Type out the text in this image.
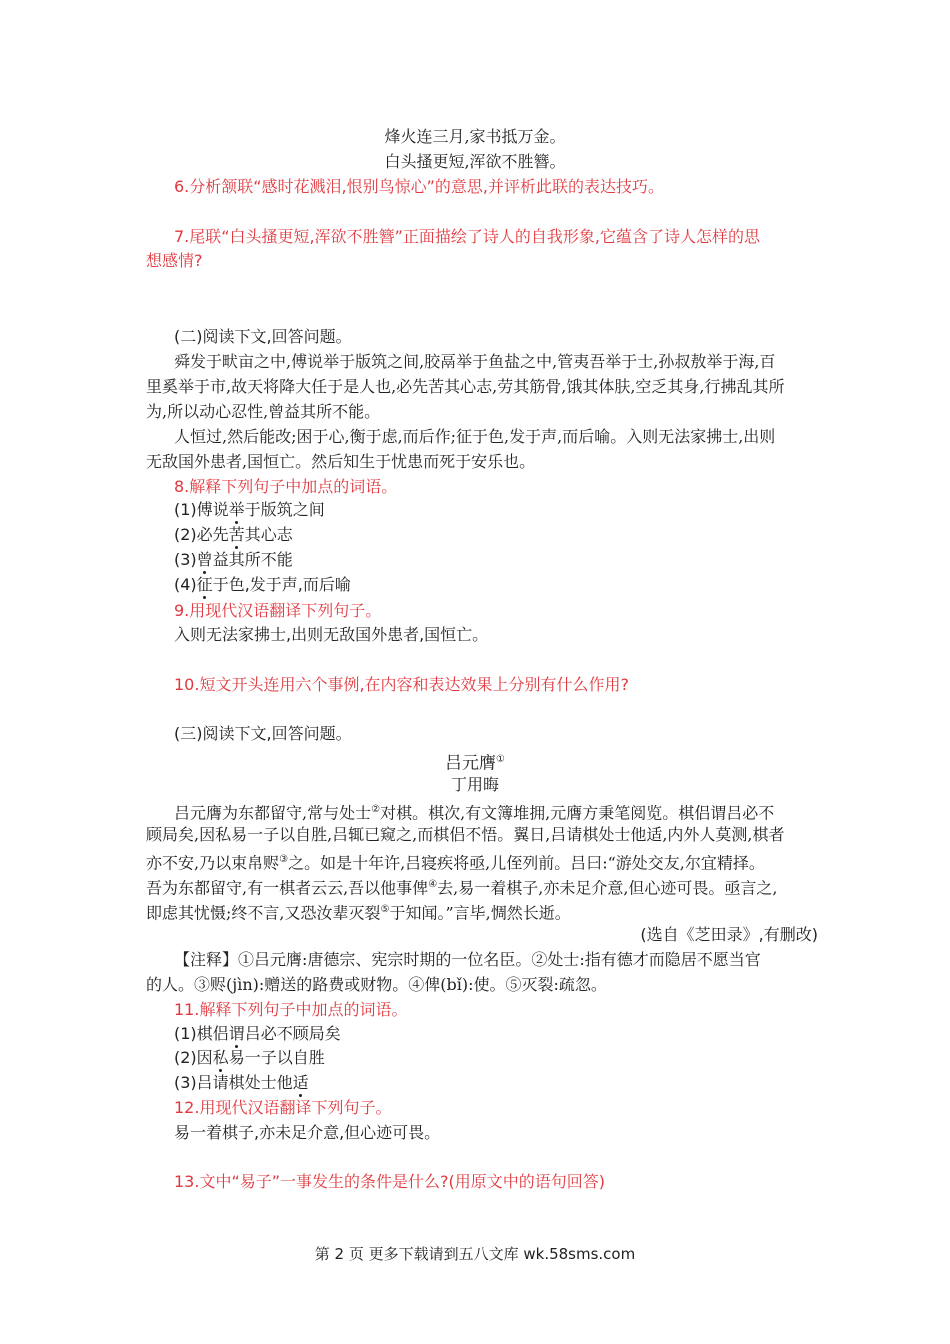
烽火连三月,家书抵万金。
白头搔更短,浑欲不胜簪。
6.分析颔联“感时花溅泪,恨别鸟惊心”的意思,并评析此联的表达技巧。
7.尾联“白头搔更短,浑欲不胜簪”正面描绘了诗人的自我形象,它蕴含了诗人怎样的思
想感情?
(二)阅读下文,回答问题。
舜发于畎亩之中,傅说举于版筑之间,胶鬲举于鱼盐之中,管夷吾举于士,孙叔敖举于海,百
里奚举于市,故天将降大任于是人也,必先苦其心志,劳其筋骨,饿其体肤,空乏其身,行拂乱其所
为,所以动心忍性,曾益其所不能。
人恒过,然后能改;困于心,衡于虑,而后作;征于色,发于声,而后喻。入则无法家拂士,出则
无敌国外患者,国恒亡。然后知生于忧患而死于安乐也。
8.解释下列句子中加点的词语。
(1)傅说举于版筑之间
(2)必先苦其心志
(3)曾益其所不能
(4)征于色,发于声,而后喻
9.用现代汉语翻译下列句子。
入则无法家拂士,出则无敌国外患者,国恒亡。
10.短文开头连用六个事例,在内容和表达效果上分别有什么作用?
(三)阅读下文,回答问题。
吕元膺①
丁用晦
吕元膺为东都留守,常与处士②对棋。棋次,有文簿堆拥,元膺方秉笔阅览。棋侣谓吕必不
顾局矣,因私易一子以自胜,吕辄已窥之,而棋侣不悟。翼日,吕请棋处士他适,内外人莫测,棋者
亦不安,乃以束帛赆③之。如是十年许,吕寝疾将亟,儿侄列前。吕曰:“游处交友,尔宜精择。
吾为东都留守,有一棋者云云,吾以他事俾④去,易一着棋子,亦未足介意,但心迹可畏。亟言之,
即虑其忧慑;终不言,又恐汝辈灭裂⑤于知闻。”言毕,惆然长逝。
(选自《芝田录》,有删改)
【注释】①吕元膺:唐德宗、宪宗时期的一位名臣。②处士:指有德才而隐居不愿当官
的人。③赆(jìn):赠送的路费或财物。④俾(bǐ):使。⑤灭裂:疏忽。
11.解释下列句子中加点的词语。
(1)棋侣谓吕必不顾局矣
(2)因私易一子以自胜
(3)吕请棋处士他适
12.用现代汉语翻译下列句子。
易一着棋子,亦未足介意,但心迹可畏。
13.文中“易子”一事发生的条件是什么?(用原文中的语句回答)
第 2 页 更多下载请到五八文库 wk.58sms.com
